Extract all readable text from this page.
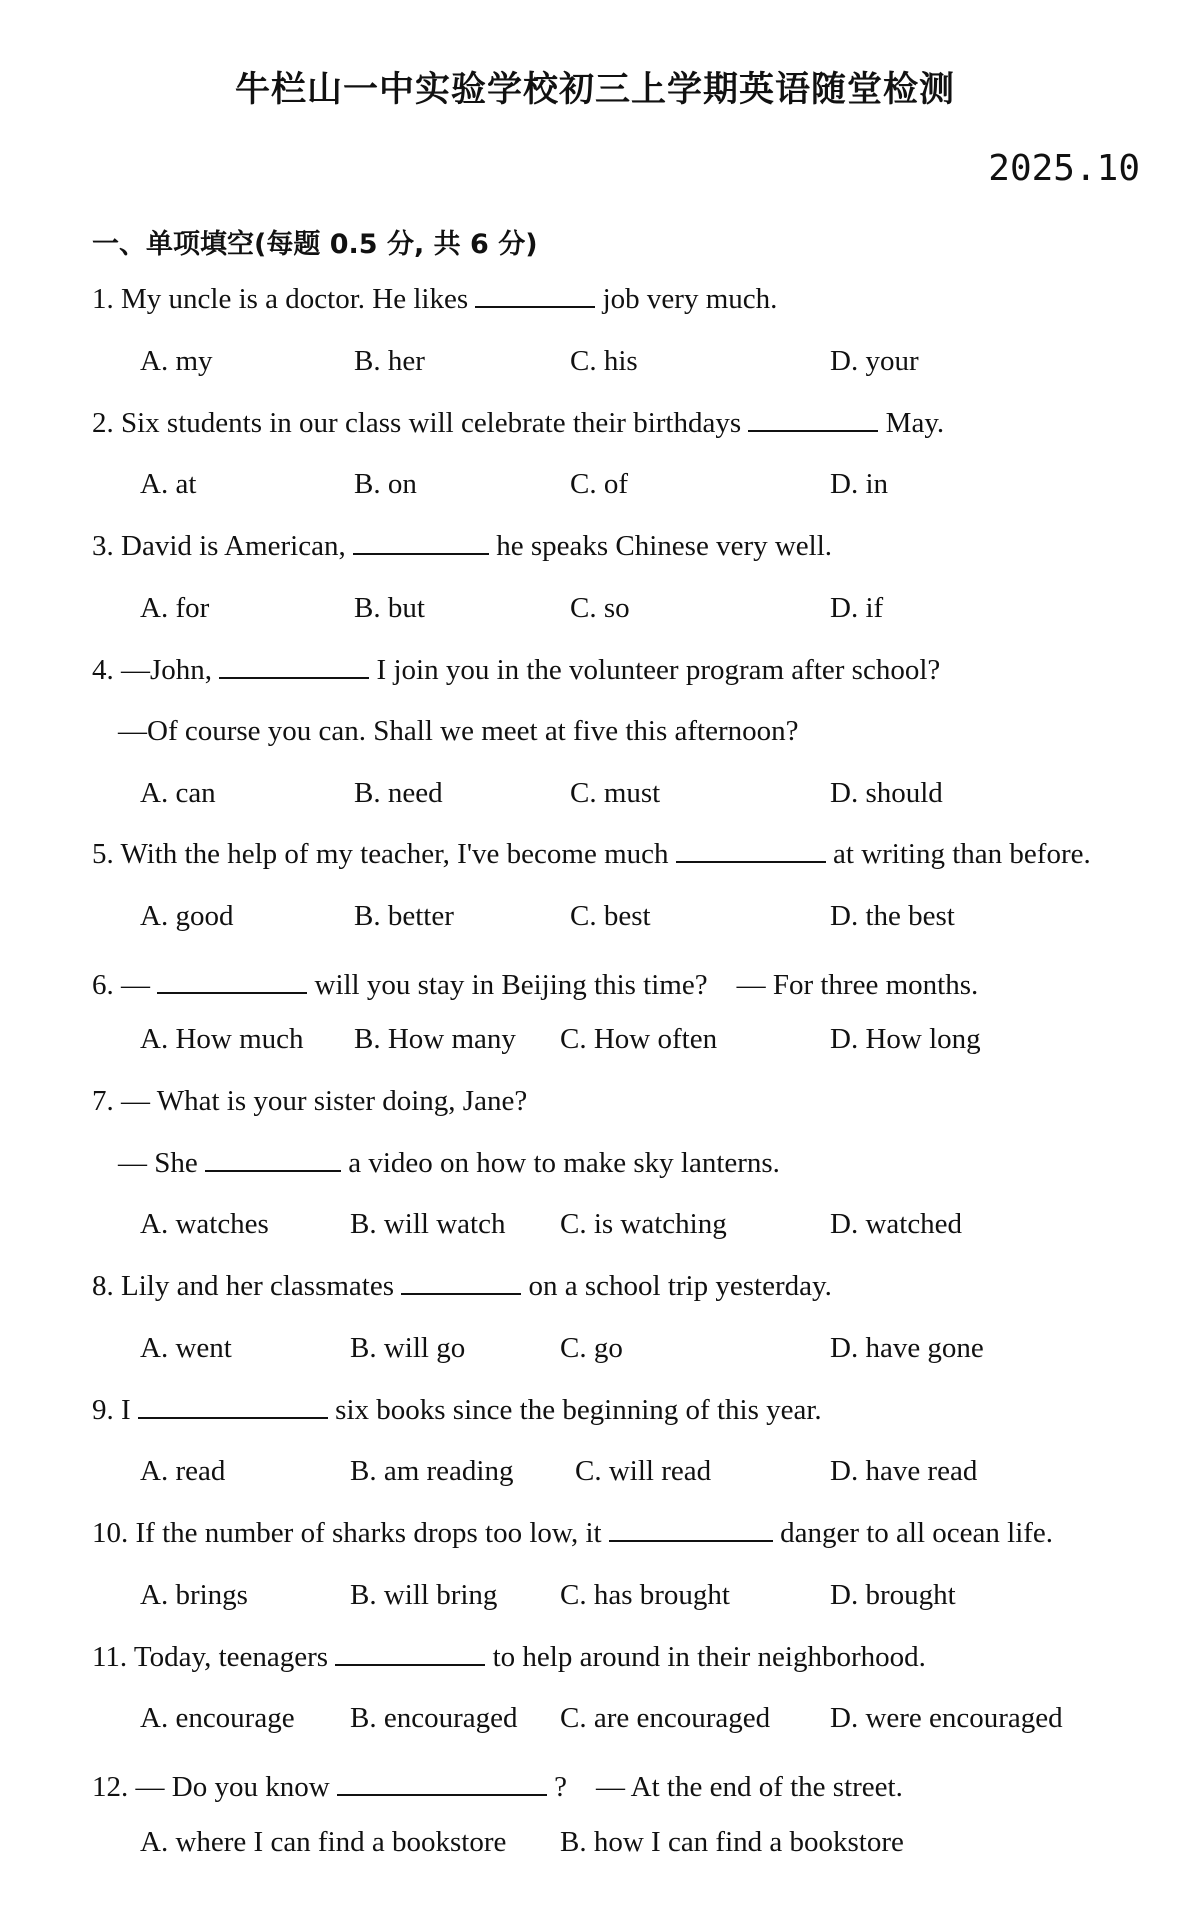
牛栏山一中实验学校初三上学期英语随堂检测
2025.10
一、单项填空(每题 0.5 分, 共 6 分)
1. My uncle is a doctor. He likes	job very much.
A. my	B. her	C. his	D. your
2. Six students in our class will celebrate their birthdays	May.
A. at	B. on	C. of	D. in
3. David is American,	he speaks Chinese very well.
A. for	B. but	C. so	D. if
4. —John,	I join you in the volunteer program after school?
—Of course you can. Shall we meet at five this afternoon?
A. can	B. need	C. must	D. should
5. With the help of my teacher, I've become much	at writing than before.
A. good	B. better	C. best	D. the best
6. —	will you stay in Beijing this time?　— For three months.
A. How much B. How many C. How often	D. How long
7. — What is your sister doing, Jane?
— She	a video on how to make sky lanterns.
A. watches	B. will watch C. is watching	D. watched
8. Lily and her classmates	on a school trip yesterday.
A. went	B. will go	C. go	D. have gone
9. I	six books since the beginning of this year.
A. read	B. am reading C. will read	D. have read
10. If the number of sharks drops too low, it	danger to all ocean life.
A. brings	B. will bring C. has brought	D. brought
11. Today, teenagers	to help around in their neighborhood.
A. encourage B. encouraged C. are encouraged D. were encouraged
12. — Do you know	?　— At the end of the street.
A. where I can find a bookstore B. how I can find a bookstore
